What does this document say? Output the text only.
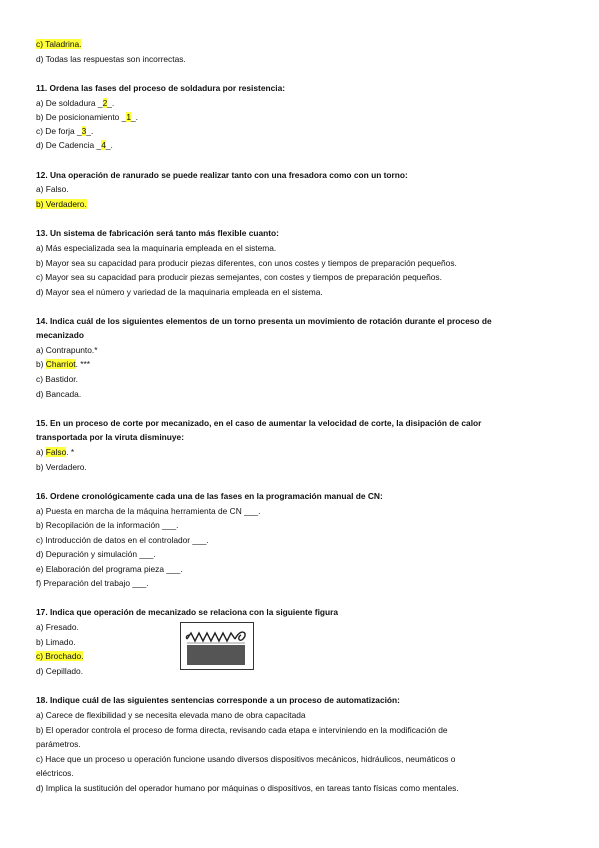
c) Taladrina.
d) Todas las respuestas son incorrectas.
11. Ordena las fases del proceso de soldadura por resistencia:
a) De soldadura _2_.
b) De posicionamiento _1_.
c) De forja _3_.
d) De Cadencia _4_.
12. Una operación de ranurado se puede realizar tanto con una fresadora como con un torno:
a) Falso.
b) Verdadero.
13. Un sistema de fabricación será tanto más flexible cuanto:
a) Más especializada sea la maquinaria empleada en el sistema.
b) Mayor sea su capacidad para producir piezas diferentes, con unos costes y tiempos de preparación pequeños.
c) Mayor sea su capacidad para producir piezas semejantes, con costes y tiempos de preparación pequeños.
d) Mayor sea el número y variedad de la maquinaria empleada en el sistema.
14. Indica cuál de los siguientes elementos de un torno presenta un movimiento de rotación durante el proceso de
mecanizado
a) Contrapunto.*
b) Charriot. ***
c) Bastidor.
d) Bancada.
15. En un proceso de corte por mecanizado, en el caso de aumentar la velocidad de corte, la disipación de calor
transportada por la viruta disminuye:
a) Falso. *
b) Verdadero.
16. Ordene cronológicamente cada una de las fases en la programación manual de CN:
a) Puesta en marcha de la máquina herramienta de CN ___.
b) Recopilación de la información ___.
c) Introducción de datos en el controlador ___.
d) Depuración y simulación ___.
e) Elaboración del programa pieza ___.
f) Preparación del trabajo ___.
17. Indica que operación de mecanizado se relaciona con la siguiente figura
a) Fresado.
b) Limado.
c) Brochado.
d) Cepillado.
18. Indique cuál de las siguientes sentencias corresponde a un proceso de automatización:
a) Carece de flexibilidad y se necesita elevada mano de obra capacitada
b) El operador controla el proceso de forma directa, revisando cada etapa e interviniendo en la modificación de
parámetros.
c) Hace que un proceso u operación funcione usando diversos dispositivos mecánicos, hidráulicos, neumáticos o
eléctricos.
d) Implica la sustitución del operador humano por máquinas o dispositivos, en tareas tanto físicas como mentales.
